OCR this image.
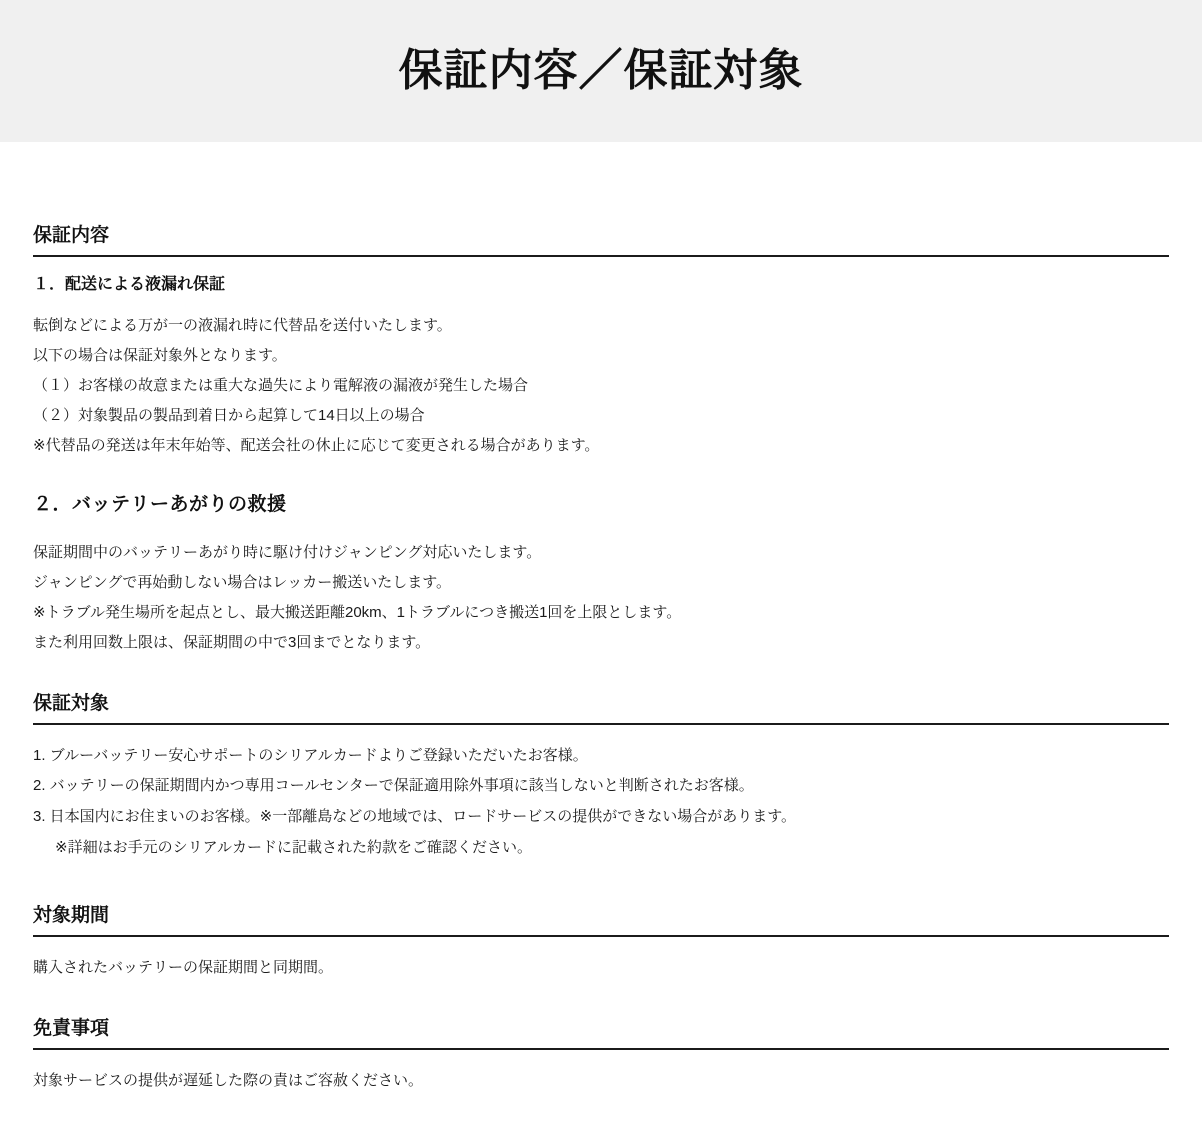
保証内容／保証対象
保証内容
１．配送による液漏れ保証

転倒などによる万が一の液漏れ時に代替品を送付いたします。

以下の場合は保証対象外となります。

（１）お客様の故意または重大な過失により電解液の漏液が発生した場合

（２）対象製品の製品到着日から起算して14日以上の場合

※代替品の発送は年末年始等、配送会社の休止に応じて変更される場合があります。

２．バッテリーあがりの救援

保証期間中のバッテリーあがり時に駆け付けジャンピング対応いたします。

ジャンピングで再始動しない場合はレッカー搬送いたします。

※トラブル発生場所を起点とし、最大搬送距離20km、1トラブルにつき搬送1回を上限とします。

また利用回数上限は、保証期間の中で3回までとなります。

保証対象
1. ブルーバッテリー安心サポートのシリアルカードよりご登録いただいたお客様。
2. バッテリーの保証期間内かつ専用コールセンターで保証適用除外事項に該当しないと判断されたお客様。
3. 日本国内にお住まいのお客様。※一部離島などの地域では、ロードサービスの提供ができない場合があります。
※詳細はお手元のシリアルカードに記載された約款をご確認ください。
対象期間

購入されたバッテリーの保証期間と同期間。

免責事項

対象サービスの提供が遅延した際の責はご容赦ください。
